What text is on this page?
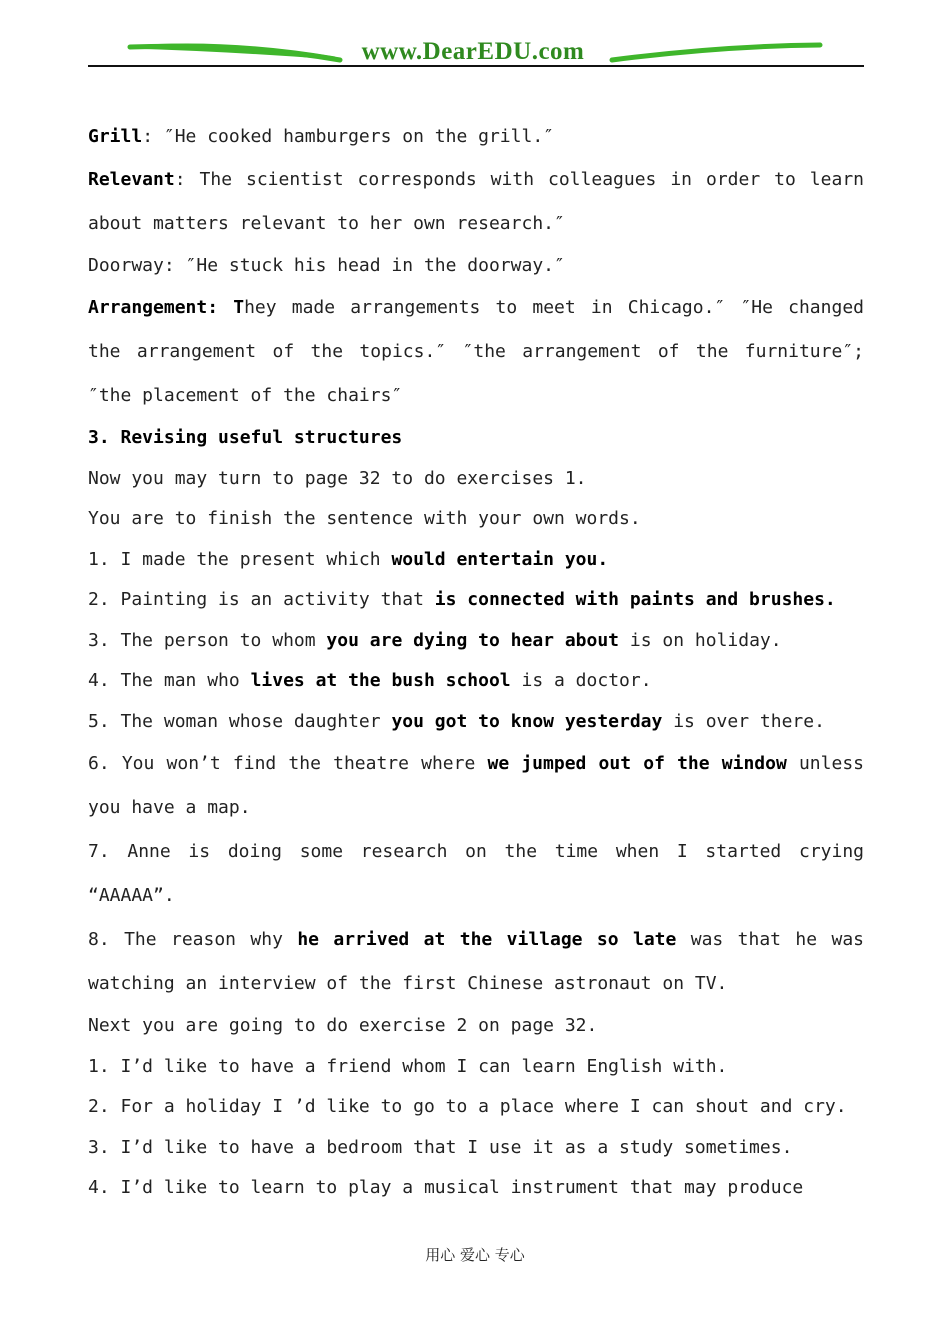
www.DearEDU.com
Grill: ″He cooked hamburgers on the grill.″
Relevant: The scientist corresponds with colleagues in order to learn about matters relevant to her own research.″
Doorway: ″He stuck his head in the doorway.″
Arrangement: They made arrangements to meet in Chicago.″ ″He changed the arrangement of the topics.″ ″the arrangement of the furniture″; ″the placement of the chairs″
3. Revising useful structures
Now you may turn to page 32 to do exercises 1.
You are to finish the sentence with your own words.
1. I made the present which would entertain you.
2. Painting is an activity that is connected with paints and brushes.
3. The person to whom you are dying to hear about is on holiday.
4. The man who lives at the bush school is a doctor.
5. The woman whose daughter you got to know yesterday is over there.
6. You won’t find the theatre where we jumped out of the window unless you have a map.
7. Anne is doing some research on the time when I started crying “AAAAA”.
8. The reason why he arrived at the village so late was that he was watching an interview of the first Chinese astronaut on TV.
Next you are going to do exercise 2 on page 32.
1. I’d like to have a friend whom I can learn English with.
2. For a holiday I ’d like to go to a place where I can shout and cry.
3. I’d like to have a bedroom that I use it as a study sometimes.
4. I’d like to learn to play a musical instrument that may produce
用心 爱心 专心
